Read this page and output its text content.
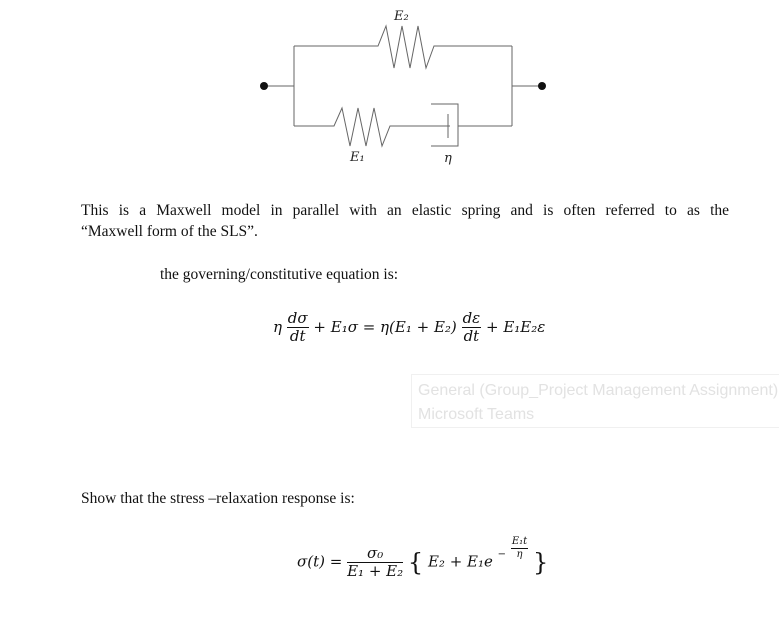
E₂
E₁	η
This is a Maxwell model in parallel with an elastic spring and is often referred to as the
“Maxwell form of the SLS”.
the governing/constitutive equation is:
η $\frac{d\sigma}{dt} + E_1\sigma = \eta(E_1 + E_2) \frac{d\varepsilon}{dt} + E_1E_2\varepsilon$
General (Group_Project Management Assignment)
Microsoft Teams
Show that the stress –relaxation response is:
$\sigma(t) = \frac{\text{σ₀}}{\text{E₁ + E₂}}$ { $E_2 + E_1e - \frac{\text{E₁t}}{\eta}$
}
